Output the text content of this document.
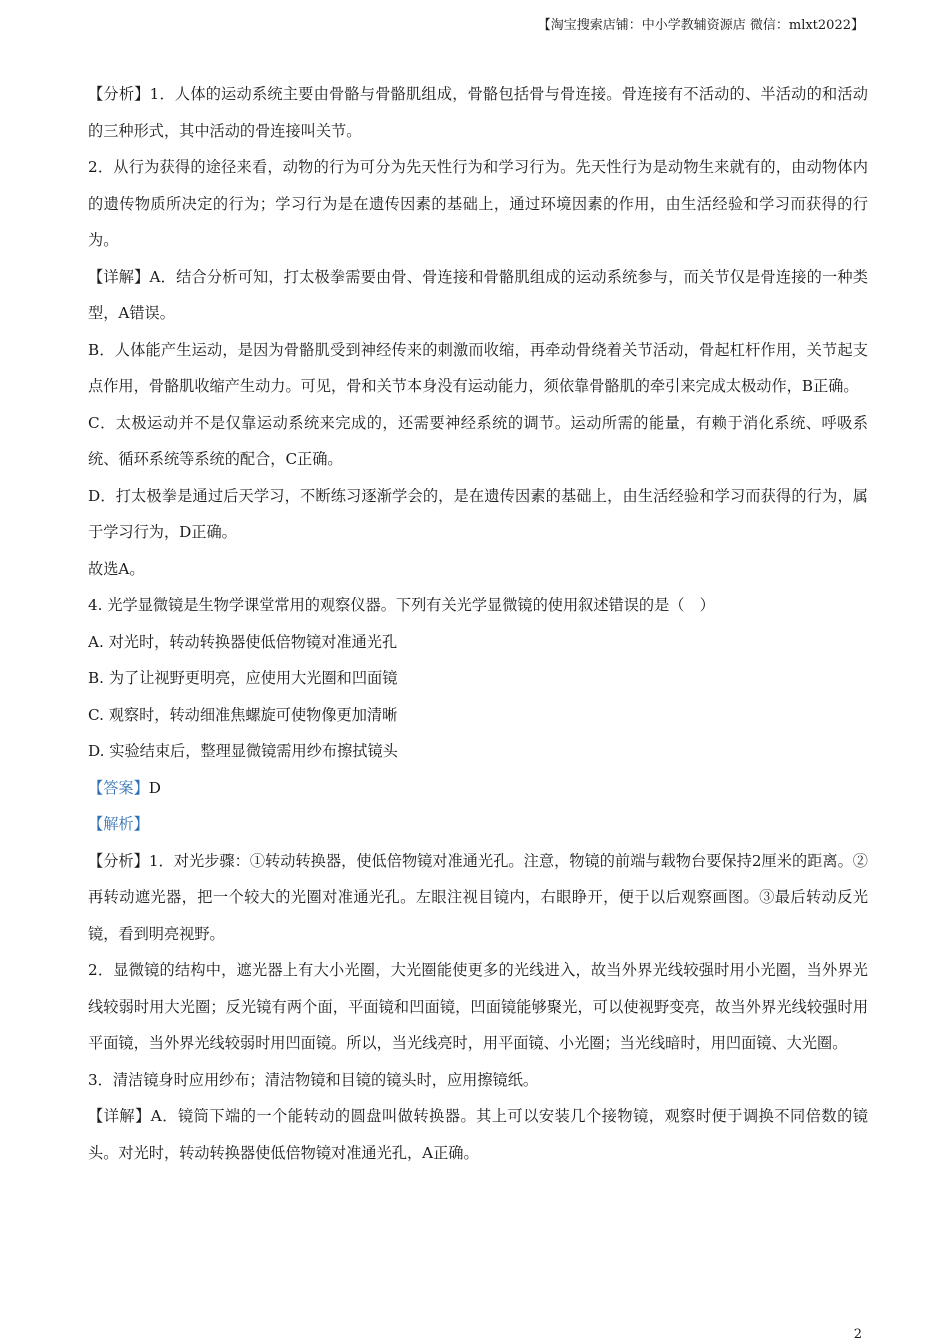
【淘宝搜索店铺：中小学教辅资源店 微信：mlxt2022】

【分析】1．人体的运动系统主要由骨骼与骨骼肌组成，骨骼包括骨与骨连接。骨连接有不活动的、半活动的和活动的三种形式，其中活动的骨连接叫关节。

2．从行为获得的途径来看，动物的行为可分为先天性行为和学习行为。先天性行为是动物生来就有的，由动物体内的遗传物质所决定的行为；学习行为是在遗传因素的基础上，通过环境因素的作用，由生活经验和学习而获得的行为。

【详解】A．结合分析可知，打太极拳需要由骨、骨连接和骨骼肌组成的运动系统参与，而关节仅是骨连接的一种类型，A错误。

B．人体能产生运动，是因为骨骼肌受到神经传来的刺激而收缩，再牵动骨绕着关节活动，骨起杠杆作用，关节起支点作用，骨骼肌收缩产生动力。可见，骨和关节本身没有运动能力，须依靠骨骼肌的牵引来完成太极动作，B正确。

C．太极运动并不是仅靠运动系统来完成的，还需要神经系统的调节。运动所需的能量，有赖于消化系统、呼吸系统、循环系统等系统的配合，C正确。

D．打太极拳是通过后天学习，不断练习逐渐学会的，是在遗传因素的基础上，由生活经验和学习而获得的行为，属于学习行为，D正确。

故选A。

4. 光学显微镜是生物学课堂常用的观察仪器。下列有关光学显微镜的使用叙述错误的是（　）

A. 对光时，转动转换器使低倍物镜对准通光孔

B. 为了让视野更明亮，应使用大光圈和凹面镜

C. 观察时，转动细准焦螺旋可使物像更加清晰

D. 实验结束后，整理显微镜需用纱布擦拭镜头

【答案】D

【解析】

【分析】1．对光步骤：①转动转换器，使低倍物镜对准通光孔。注意，物镜的前端与载物台要保持2厘米的距离。②再转动遮光器，把一个较大的光圈对准通光孔。左眼注视目镜内，右眼睁开，便于以后观察画图。③最后转动反光镜，看到明亮视野。

2．显微镜的结构中，遮光器上有大小光圈，大光圈能使更多的光线进入，故当外界光线较强时用小光圈，当外界光线较弱时用大光圈；反光镜有两个面，平面镜和凹面镜，凹面镜能够聚光，可以使视野变亮，故当外界光线较强时用平面镜，当外界光线较弱时用凹面镜。所以，当光线亮时，用平面镜、小光圈；当光线暗时，用凹面镜、大光圈。

3．清洁镜身时应用纱布；清洁物镜和目镜的镜头时，应用擦镜纸。

【详解】A．镜筒下端的一个能转动的圆盘叫做转换器。其上可以安装几个接物镜，观察时便于调换不同倍数的镜头。对光时，转动转换器使低倍物镜对准通光孔，A正确。

2
